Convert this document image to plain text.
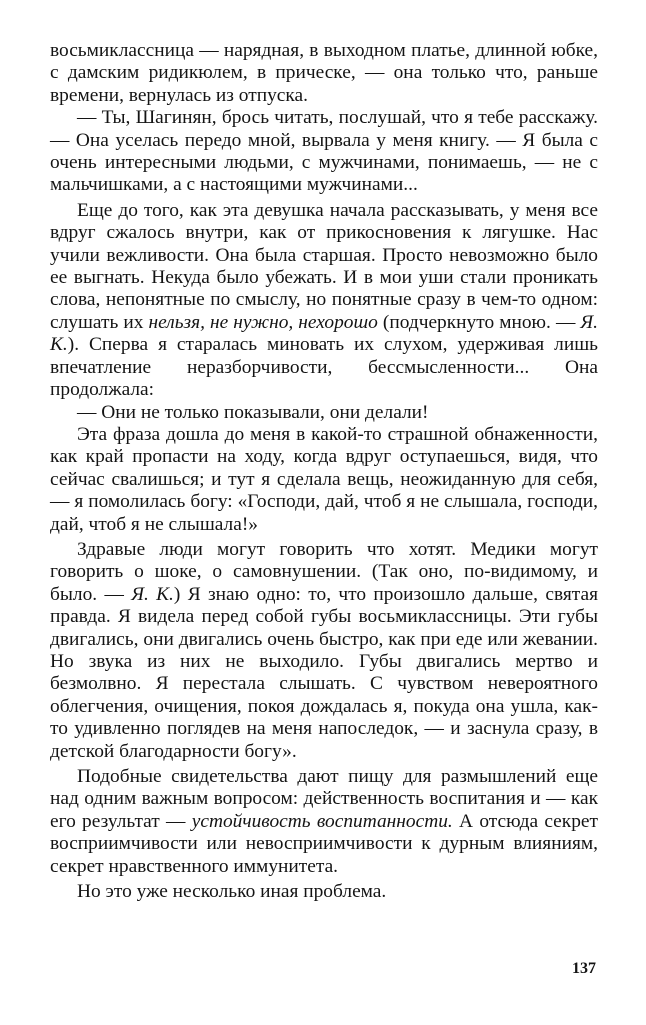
восьмиклассница — нарядная, в выходном платье, длинной юбке, с дамским ридикюлем, в прическе, — она только что, раньше времени, вернулась из отпуска.

— Ты, Шагинян, брось читать, послушай, что я тебе расскажу. — Она уселась передо мной, вырвала у меня книгу. — Я была с очень интересными людьми, с мужчинами, понимаешь, — не с мальчишками, а с настоящими мужчинами...

Еще до того, как эта девушка начала рассказывать, у меня все вдруг сжалось внутри, как от прикосновения к лягушке. Нас учили вежливости. Она была старшая. Просто невозможно было ее выгнать. Некуда было убежать. И в мои уши стали проникать слова, непонятные по смыслу, но понятные сразу в чем-то одном: слушать их нельзя, не нужно, нехорошо (подчеркнуто мною. — Я. К.). Сперва я старалась миновать их слухом, удерживая лишь впечатление неразборчивости, бессмысленности... Она продолжала:

— Они не только показывали, они делали!

Эта фраза дошла до меня в какой-то страшной обнаженности, как край пропасти на ходу, когда вдруг оступаешься, видя, что сейчас свалишься; и тут я сделала вещь, неожиданную для себя, — я помолилась богу: «Господи, дай, чтоб я не слышала, господи, дай, чтоб я не слышала!»

Здравые люди могут говорить что хотят. Медики могут говорить о шоке, о самовнушении. (Так оно, по-видимому, и было. — Я. К.) Я знаю одно: то, что произошло дальше, святая правда. Я видела перед собой губы восьмиклассницы. Эти губы двигались, они двигались очень быстро, как при еде или жевании. Но звука из них не выходило. Губы двигались мертво и безмолвно. Я перестала слышать. С чувством невероятного облегчения, очищения, покоя дождалась я, покуда она ушла, как-то удивленно поглядев на меня напоследок, — и заснула сразу, в детской благодарности богу».

Подобные свидетельства дают пищу для размышлений еще над одним важным вопросом: действенность воспитания и — как его результат — устойчивость воспитанности. А отсюда секрет восприимчивости или невосприимчивости к дурным влияниям, секрет нравственного иммунитета.

Но это уже несколько иная проблема.

137
